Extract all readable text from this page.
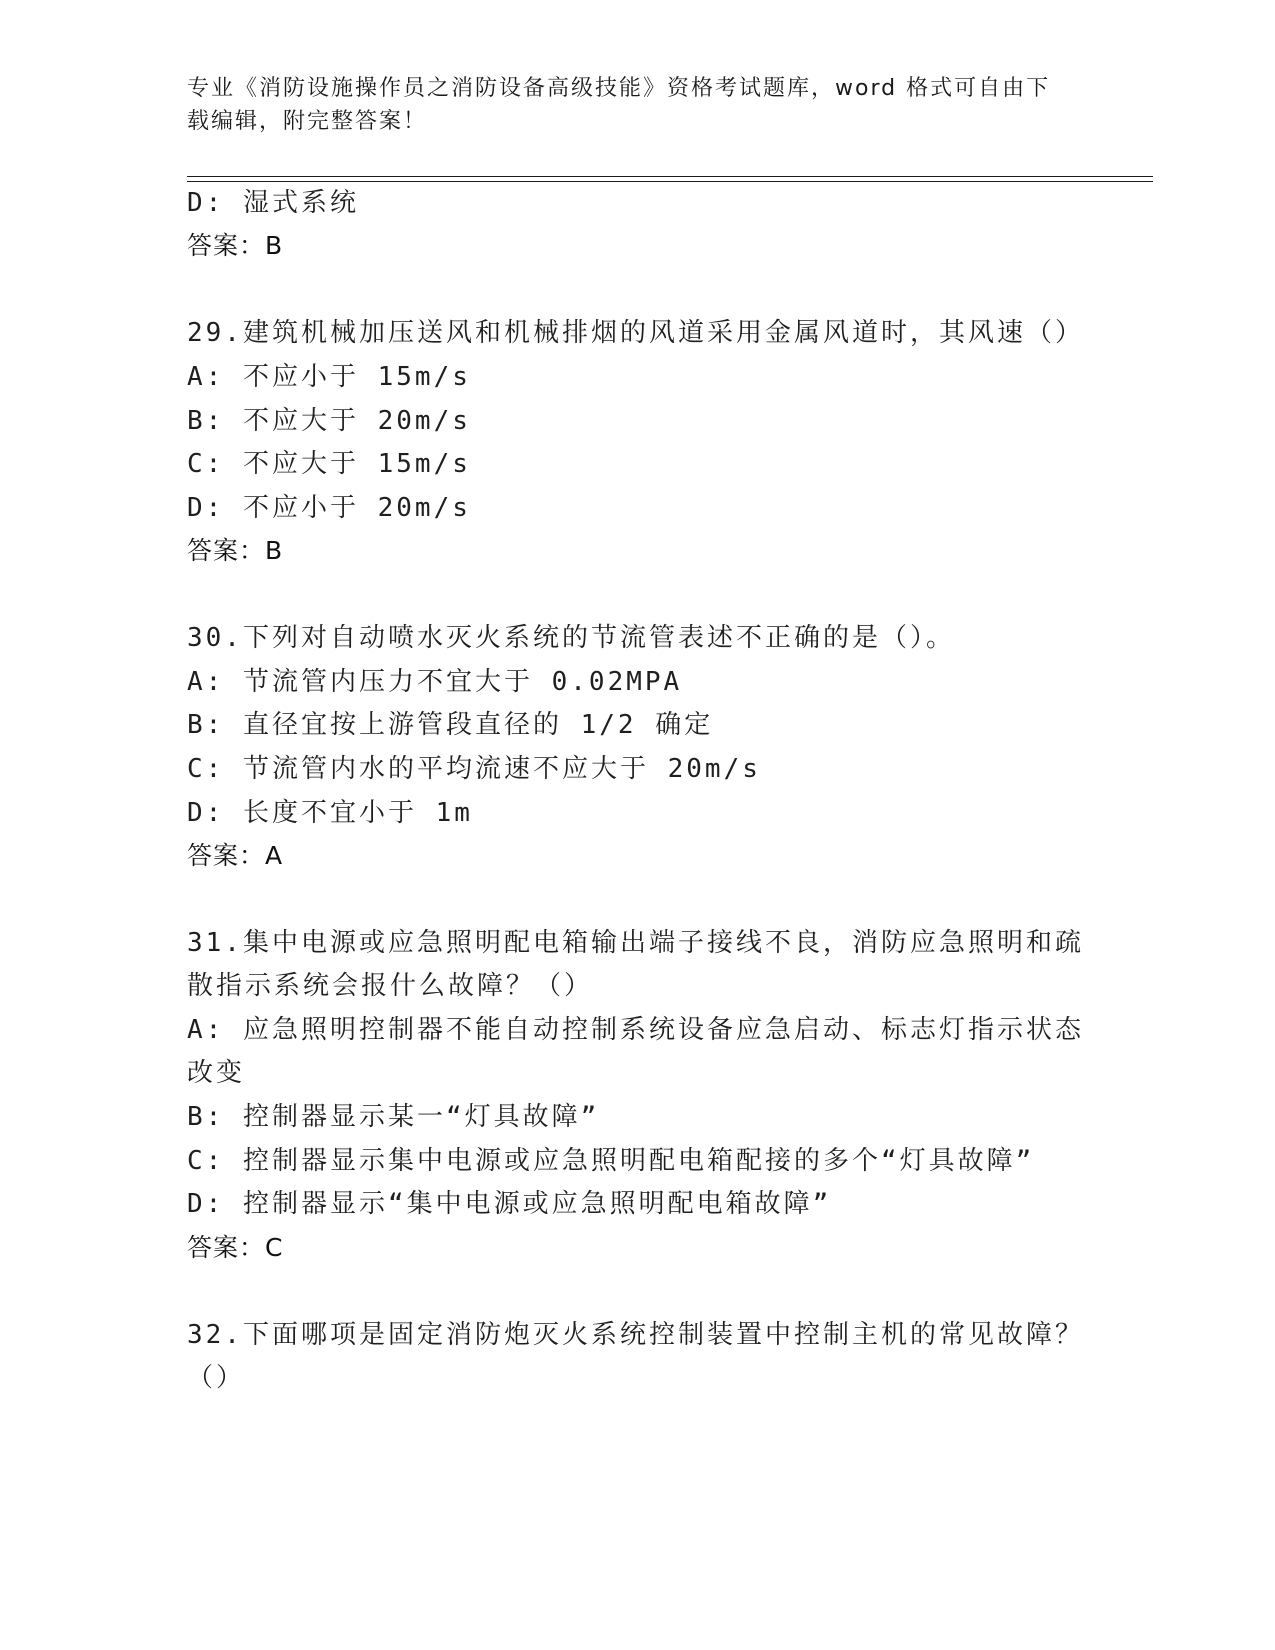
专业《消防设施操作员之消防设备高级技能》资格考试题库，word 格式可自由下
载编辑，附完整答案！
D: 湿式系统
答案：B
29.建筑机械加压送风和机械排烟的风道采用金属风道时，其风速（）
A: 不应小于 15m/s
B: 不应大于 20m/s
C: 不应大于 15m/s
D: 不应小于 20m/s
答案：B
30.下列对自动喷水灭火系统的节流管表述不正确的是（）。
A: 节流管内压力不宜大于 0.02MPA
B: 直径宜按上游管段直径的 1/2 确定
C: 节流管内水的平均流速不应大于 20m/s
D: 长度不宜小于 1m
答案：A
31.集中电源或应急照明配电箱输出端子接线不良，消防应急照明和疏
散指示系统会报什么故障？（）
A: 应急照明控制器不能自动控制系统设备应急启动、标志灯指示状态
改变
B: 控制器显示某一“灯具故障”
C: 控制器显示集中电源或应急照明配电箱配接的多个“灯具故障”
D: 控制器显示“集中电源或应急照明配电箱故障”
答案：C
32.下面哪项是固定消防炮灭火系统控制装置中控制主机的常见故障？
（）
